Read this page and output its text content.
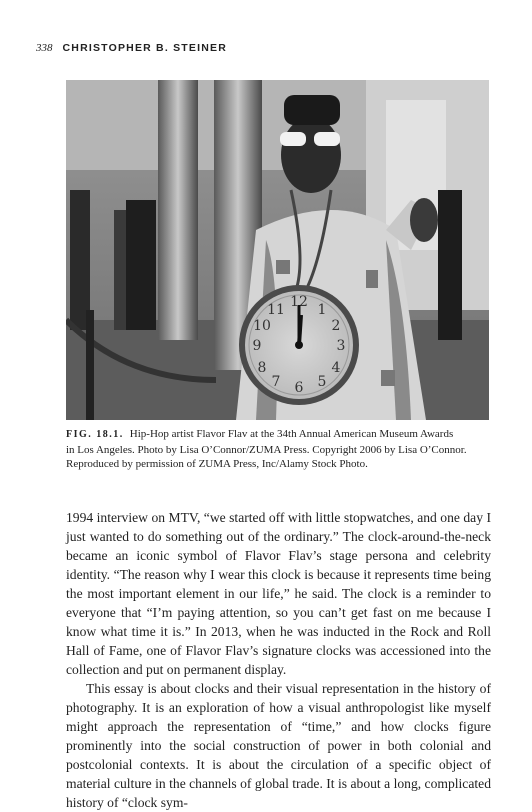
338 CHRISTOPHER B. STEINER
12
3
6
9
1
2
4
5
7
8
10
11
FIG. 18.1. Hip-Hop artist Flavor Flav at the 34th Annual American Museum Awards
in Los Angeles. Photo by Lisa O’Connor/ZUMA Press. Copyright 2006 by Lisa O’Connor.
Reproduced by permission of ZUMA Press, Inc/Alamy Stock Photo.

1994 interview on MTV, “we started off with little stopwatches, and one day I just wanted to do something out of the ordinary.” The clock-around-the-neck became an iconic symbol of Flavor Flav’s stage persona and celebrity identity. “The reason why I wear this clock is because it represents time being the most important element in our life,” he said. The clock is a reminder to everyone that “I’m paying attention, so you can’t get fast on me because I know what time it is.” In 2013, when he was inducted in the Rock and Roll Hall of Fame, one of Flavor Flav’s signature clocks was accessioned into the collection and put on permanent display.

This essay is about clocks and their visual representation in the history of photography. It is an exploration of how a visual anthropologist like myself might approach the representation of “time,” and how clocks figure prominently into the social construction of power in both colonial and postcolonial contexts. It is about the circulation of a specific object of material culture in the channels of global trade. It is about a long, complicated history of “clock sym-
